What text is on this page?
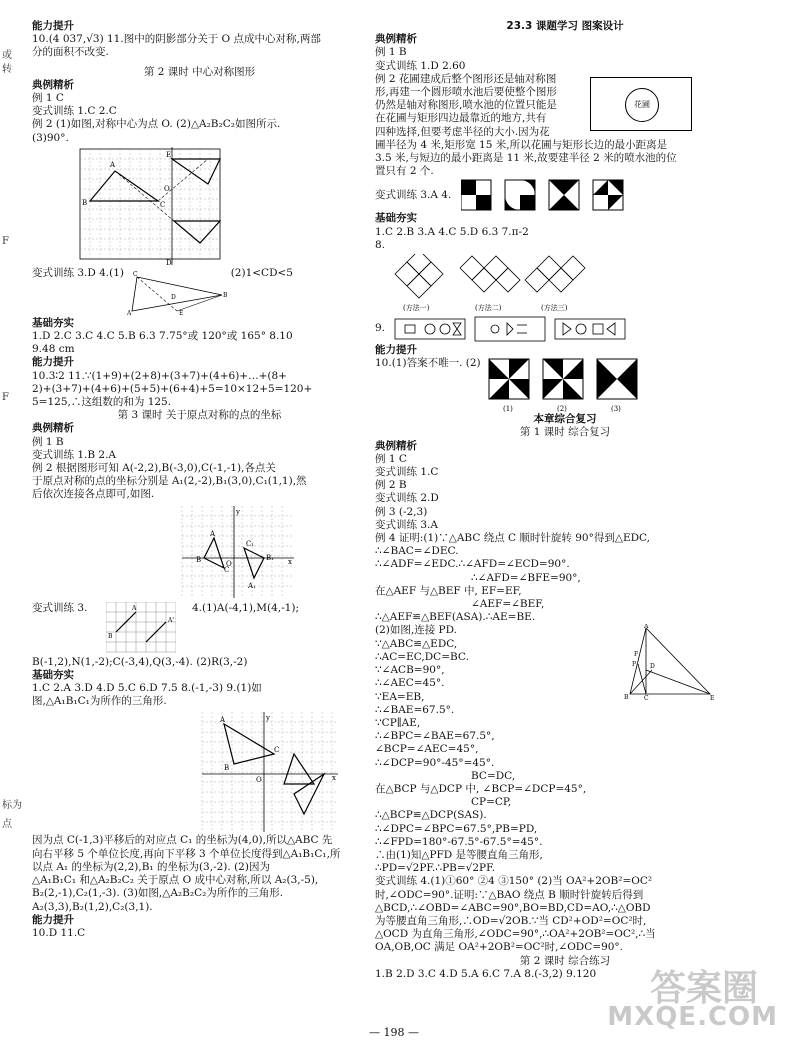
或
转
F
F
标为
点
能力提升
10.(4 037,√3) 11.图中的阴影部分关于 O 点成中心对称,两部
分的面积不改变.
第 2 课时 中心对称图形
典例精析
例 1 C
变式训练 1.C 2.C
例 2 (1)如图,对称中心为点 O. (2)△A₂B₂C₂如图所示.
(3)90°.
A
B	C
E
D
O
变式训练 3.D 4.(1) C
B
A	E
D
(2)1<CD<5
基础夯实
1.D 2.C 3.C 4.C 5.B 6.3 7.75°或 120°或 165° 8.10
9.48 cm
能力提升
10.3∶2 11.∵(1+9)+(2+8)+(3+7)+(4+6)+…+(8+
2)+(3+7)+(4+6)+(5+5)+(6+4)+5=10×12+5=120+
5=125,∴这组数的和为 125.
第 3 课时 关于原点对称的点的坐标
典例精析
例 1 B
变式训练 1.B 2.A
例 2 根据图形可知 A(-2,2),B(-3,0),C(-1,-1),各点关
于原点对称的点的坐标分别是 A₁(2,-2),B₁(3,0),C₁(1,1),然
后依次连接各点即可,如图.
A
B
C
C₁
B₁
A₁
O	x
y
变式训练 3.	A
B
A'
4.(1)A(-4,1),M(4,-1);
B(-1,2),N(1,-2);C(-3,4),Q(3,-4). (2)R(3,-2)
基础夯实
1.C 2.A 3.D 4.D 5.C 6.D 7.5 8.(-1,-3) 9.(1)如
图,△A₁B₁C₁为所作的三角形.
A
B
C
O	x
y
因为点 C(-1,3)平移后的对应点 C₁ 的坐标为(4,0),所以△ABC 先
向右平移 5 个单位长度,再向下平移 3 个单位长度得到△A₁B₁C₁,所
以点 A₁ 的坐标为(2,2),B₁ 的坐标为(3,-2). (2)因为
△A₁B₁C₁ 和△A₂B₂C₂ 关于原点 O 成中心对称,所以 A₂(3,-5),
B₂(2,-1),C₂(1,-3). (3)如图,△A₂B₂C₂为所作的三角形.
A₂(3,3),B₂(1,2),C₂(3,1).
能力提升
10.D 11.C
23.3 课题学习 图案设计
典例精析
例 1 B
变式训练 1.D 2.60
例 2 花圃建成后整个图形还是轴对称图
形,再建一个圆形喷水池后要使整个图形
仍然是轴对称图形,喷水池的位置只能是
在花圃与矩形四边最靠近的地方,共有
四种选择,但要考虑半径的大小.因为花
花圃
圃半径为 4 米,矩形宽 15 米,所以花圃与矩形长边的最小距离是
3.5 米,与短边的最小距离是 11 米,故要建半径 2 米的喷水池的位
置只有 2 个.
变式训练 3.A 4.
基础夯实
1.C 2.B 3.A 4.C 5.D 6.3 7.π-2
8.
(方法一)	(方法二)	(方法三)
9.
能力提升
10.(1)答案不唯一. (2)
(1)	(2)	(3)
本章综合复习
第 1 课时 综合复习
典例精析
例 1 C
变式训练 1.C
例 2 B
变式训练 2.D
例 3 (-2,3)
变式训练 3.A
例 4 证明:(1)∵△ABC 绕点 C 顺时针旋转 90°得到△EDC,
∴∠BAC=∠DEC.
∴∠ADF=∠EDC.∴∠AFD=∠ECD=90°.
∴∠AFD=∠BFE=90°,
在△AEF 与△BEF 中, EF=EF,
∠AEF=∠BEF,
∴△AEF≌△BEF(ASA).∴AE=BE.
(2)如图,连接 PD.
∵△ABC≌△EDC,
∴AC=EC,DC=BC.
∵∠ACB=90°,
∴∠AEC=45°.
∵EA=EB,
∴∠BAE=67.5°.
∵CP∥AE,
∴∠BPC=∠BAE=67.5°,
∠BCP=∠AEC=45°,
∴∠DCP=90°-45°=45°.
A
B	C	E
P D
F
BC=DC,
在△BCP 与△DCP 中, ∠BCP=∠DCP=45°,
CP=CP,
∴△BCP≌△DCP(SAS).
∴∠DPC=∠BPC=67.5°,PB=PD,
∴∠FPD=180°-67.5°-67.5°=45°.
∴由(1)知△PFD 是等腰直角三角形,
∴PD=√2PF.∴PB=√2PF.
变式训练 4.(1)①60° ②4 ③150° (2)当 OA²+2OB²=OC²
时,∠ODC=90°.证明:∵△BAO 绕点 B 顺时针旋转后得到
△BCD,∴∠OBD=∠ABC=90°,BO=BD,CD=AO,∴△OBD
为等腰直角三角形,∴OD=√2OB.∵当 CD²+OD²=OC²时,
△OCD 为直角三角形,∠ODC=90°,∴OA²+2OB²=OC²,∴当
OA,OB,OC 满足 OA²+2OB²=OC²时,∠ODC=90°.
第 2 课时 综合练习
1.B 2.D 3.C 4.D 5.A 6.C 7.A 8.(-3,2) 9.120
— 198 —
答案圈
MXQE.COM
